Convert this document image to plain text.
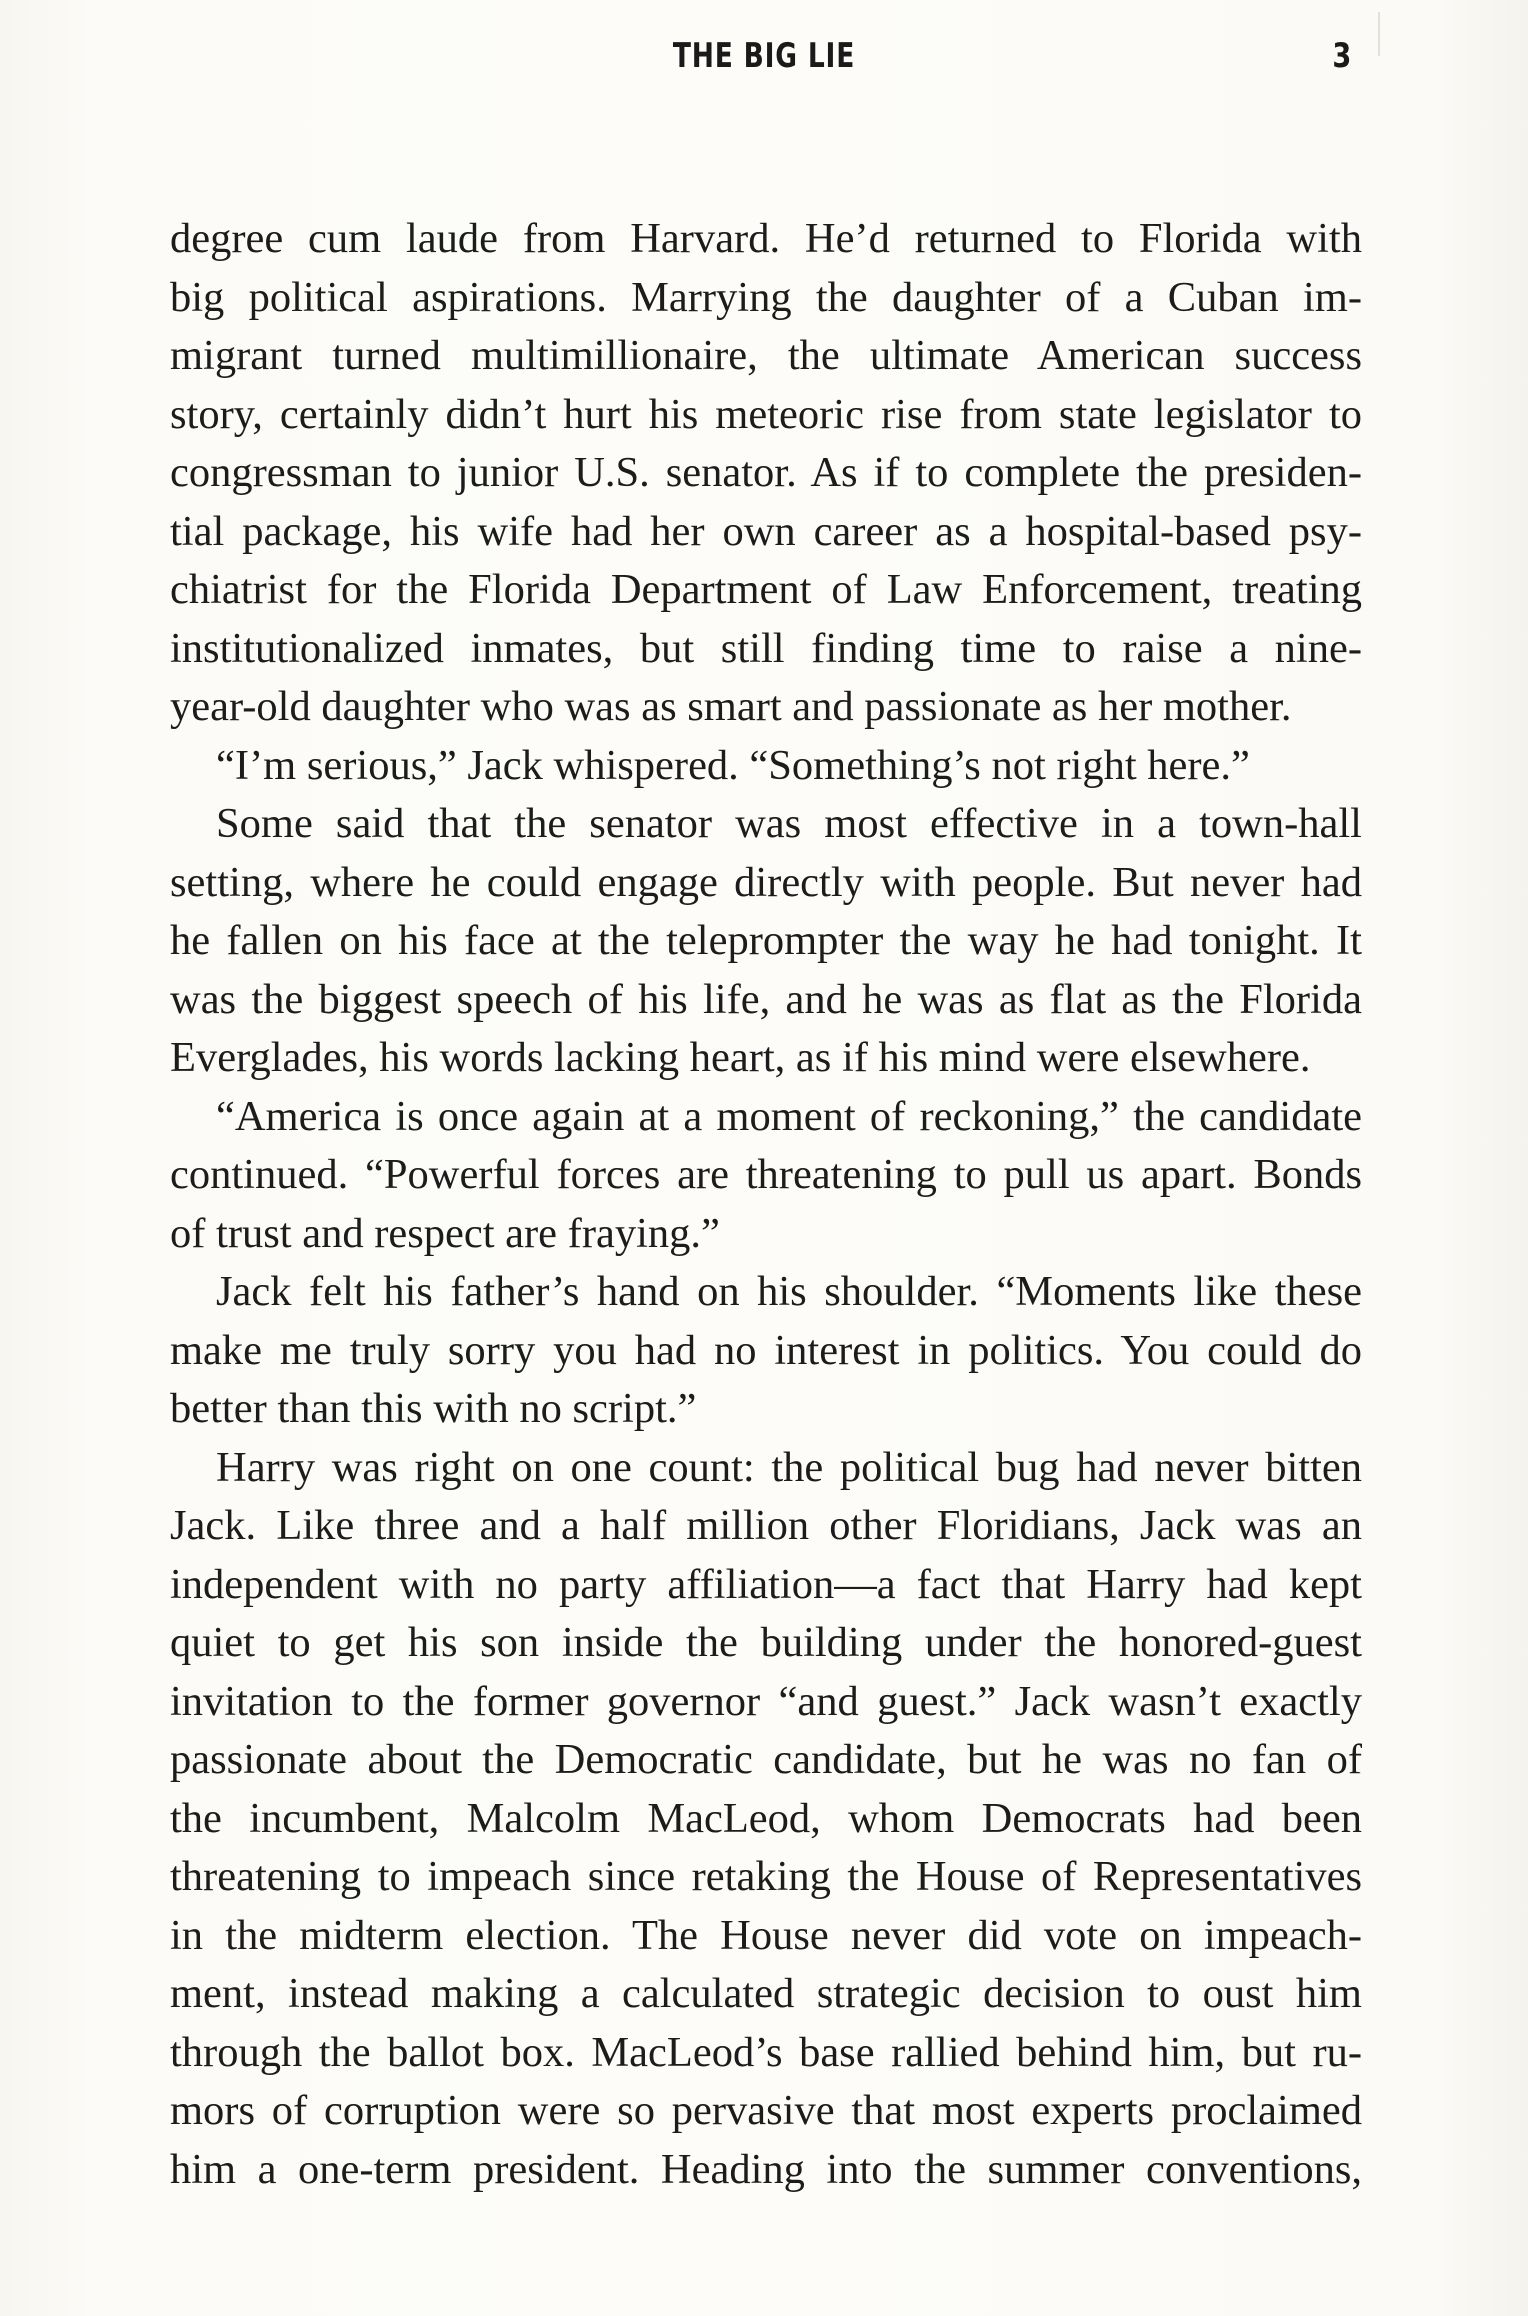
THE BIG LIE	3
degree cum laude from Harvard. He’d returned to Florida with
big political aspirations. Marrying the daughter of a Cuban im-
migrant turned multimillionaire, the ultimate American success
story, certainly didn’t hurt his meteoric rise from state legislator to
congressman to junior U.S. senator. As if to complete the presiden-
tial package, his wife had her own career as a hospital-based psy-
chiatrist for the Florida Department of Law Enforcement, treating
institutionalized inmates, but still finding time to raise a nine-
year-old daughter who was as smart and passionate as her mother.
“I’m serious,” Jack whispered. “Something’s not right here.”
Some said that the senator was most effective in a town-hall
setting, where he could engage directly with people. But never had
he fallen on his face at the teleprompter the way he had tonight. It
was the biggest speech of his life, and he was as flat as the Florida
Everglades, his words lacking heart, as if his mind were elsewhere.
“America is once again at a moment of reckoning,” the candidate
continued. “Powerful forces are threatening to pull us apart. Bonds
of trust and respect are fraying.”
Jack felt his father’s hand on his shoulder. “Moments like these
make me truly sorry you had no interest in politics. You could do
better than this with no script.”
Harry was right on one count: the political bug had never bitten
Jack. Like three and a half million other Floridians, Jack was an
independent with no party affiliation—a fact that Harry had kept
quiet to get his son inside the building under the honored-guest
invitation to the former governor “and guest.” Jack wasn’t exactly
passionate about the Democratic candidate, but he was no fan of
the incumbent, Malcolm MacLeod, whom Democrats had been
threatening to impeach since retaking the House of Representatives
in the midterm election. The House never did vote on impeach-
ment, instead making a calculated strategic decision to oust him
through the ballot box. MacLeod’s base rallied behind him, but ru-
mors of corruption were so pervasive that most experts proclaimed
him a one-term president. Heading into the summer conventions,
